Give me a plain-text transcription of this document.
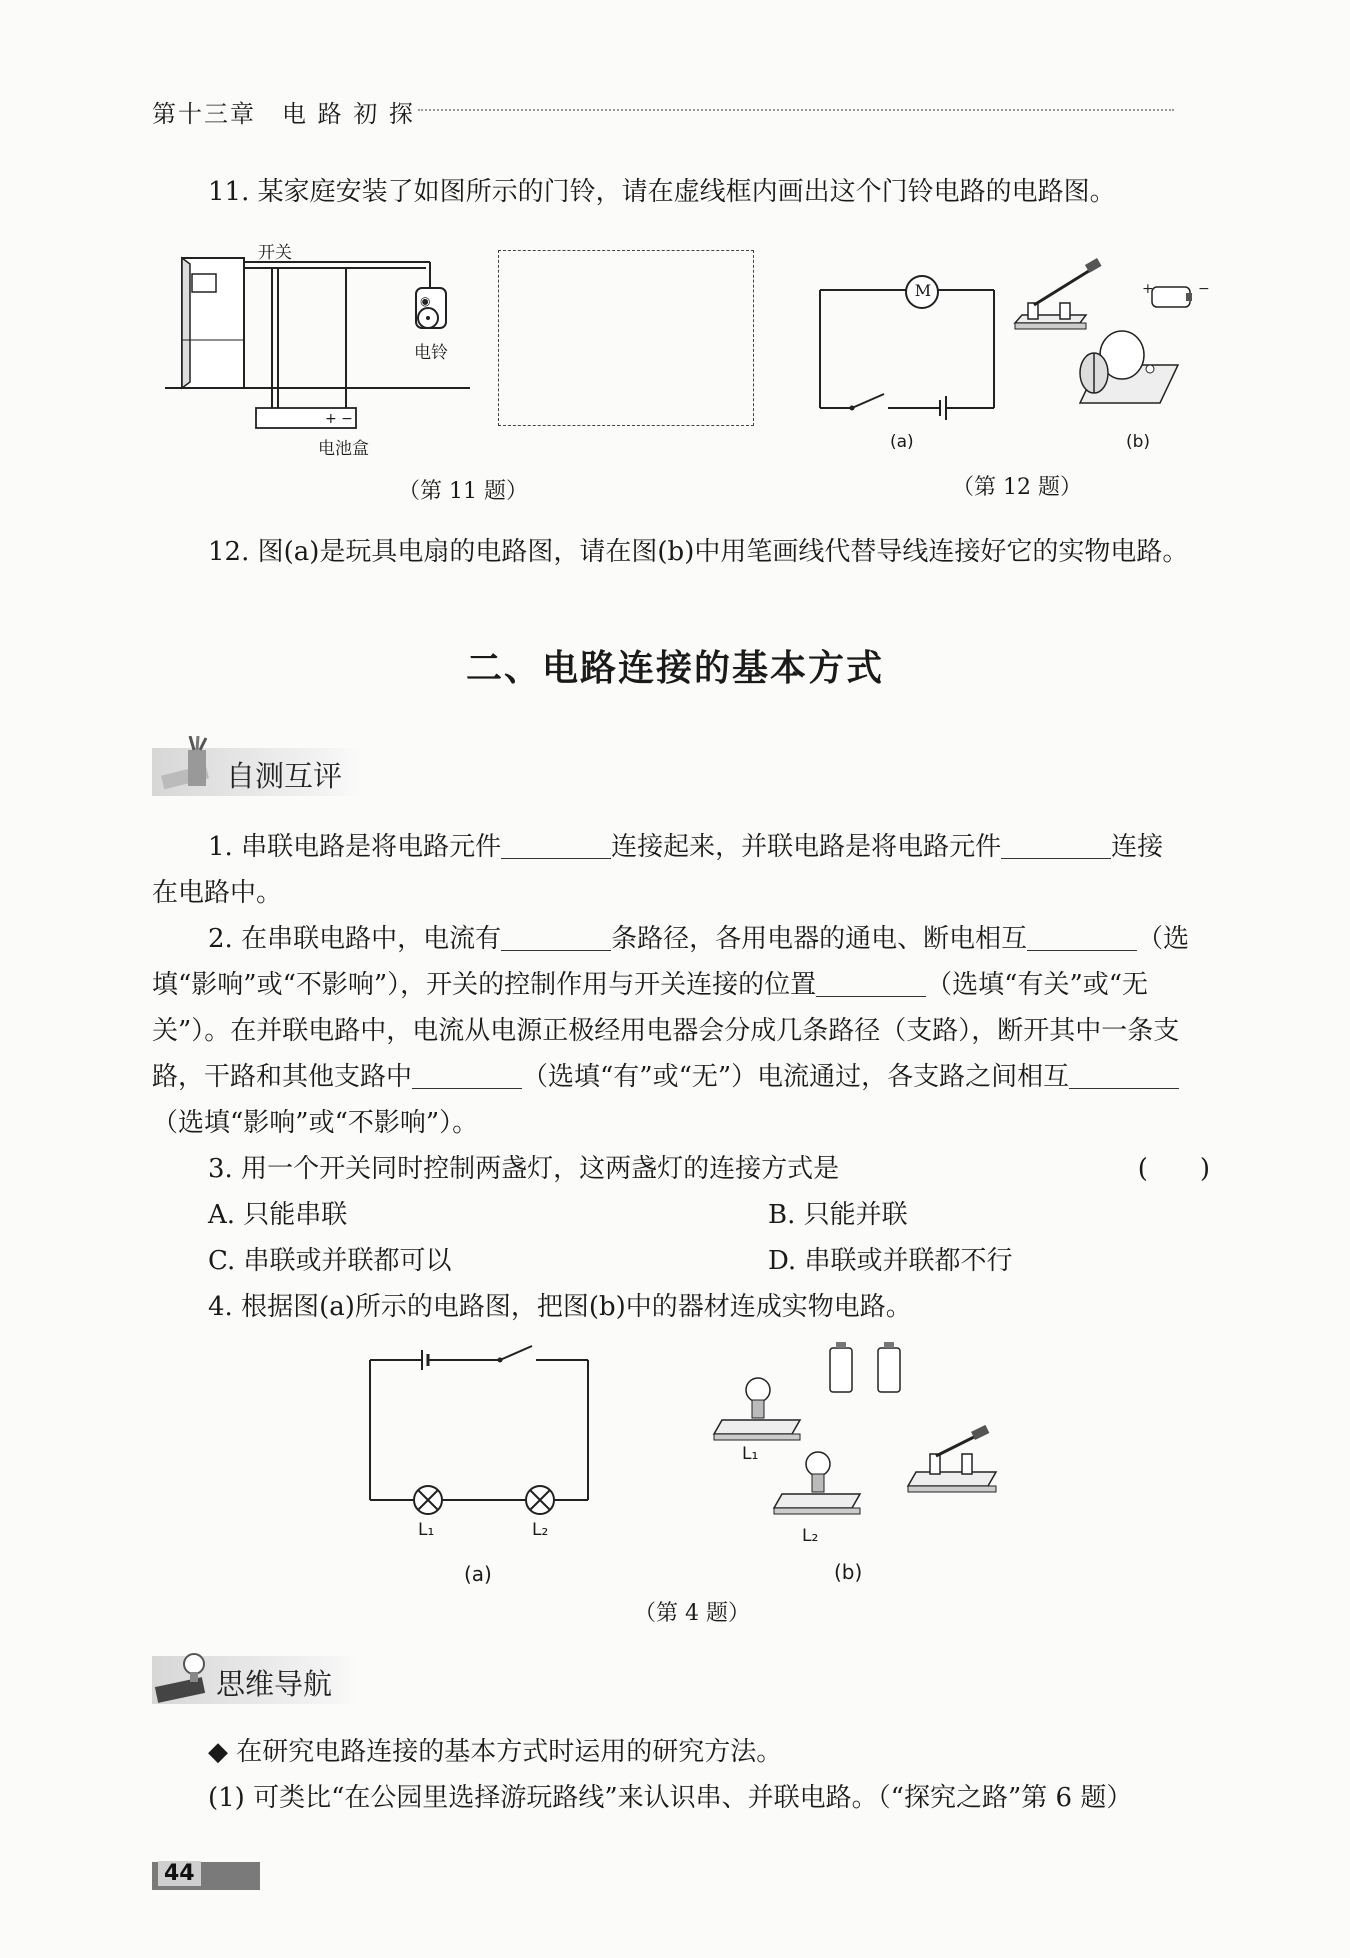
第十三章　电 路 初 探
11. 某家庭安装了如图所示的门铃，请在虚线框内画出这个门铃电路的电路图。
◉
开关
电铃
+ −
电池盒
（第 11 题）
M
(a)
+	−
(b)
（第 12 题）
12. 图(a)是玩具电扇的电路图，请在图(b)中用笔画线代替导线连接好它的实物电路。
二、电路连接的基本方式
自测互评

1. 串联电路是将电路元件	连接起来，并联电路是将电路元件	连接

在电路中。

2. 在串联电路中，电流有	条路径，各用电器的通电、断电相互	（选

填“影响”或“不影响”），开关的控制作用与开关连接的位置	（选填“有关”或“无

关”）。在并联电路中，电流从电源正极经用电器会分成几条路径（支路），断开其中一条支

路，干路和其他支路中	（选填“有”或“无”）电流通过，各支路之间相互

（选填“影响”或“不影响”）。

3. 用一个开关同时控制两盏灯，这两盏灯的连接方式是	(　　)

A. 只能串联	B. 只能并联

C. 串联或并联都可以	D. 串联或并联都不行

4. 根据图(a)所示的电路图，把图(b)中的器材连成实物电路。

L₁	L₂
(a)
L₁
L₂
(b)
（第 4 题）
思维导航
◆ 在研究电路连接的基本方式时运用的研究方法。
(1) 可类比“在公园里选择游玩路线”来认识串、并联电路。（“探究之路”第 6 题）
44
